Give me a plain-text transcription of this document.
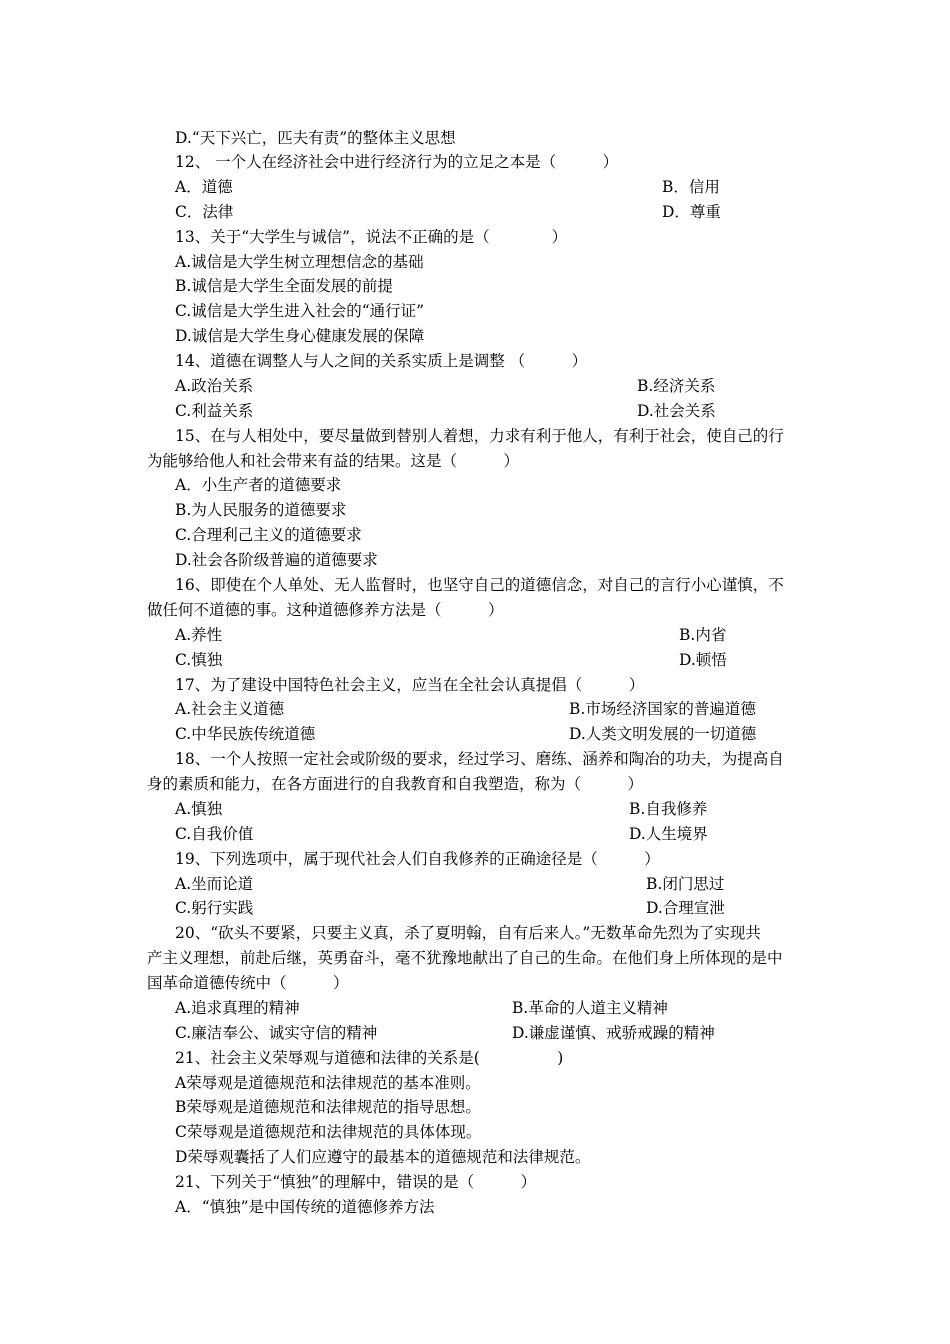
D.“天下兴亡，匹夫有责”的整体主义思想
12、 一个人在经济社会中进行经济行为的立足之本是（　　　）
A．道德	B．信用
C．法律	D．尊重
13、关于“大学生与诚信”，说法不正确的是（　　　　）
A.诚信是大学生树立理想信念的基础
B.诚信是大学生全面发展的前提
C.诚信是大学生进入社会的“通行证”
D.诚信是大学生身心健康发展的保障
14、道德在调整人与人之间的关系实质上是调整 （　　　）
A.政治关系	B.经济关系
C.利益关系	D.社会关系
15、在与人相处中，要尽量做到替别人着想，力求有利于他人，有利于社会，使自己的行
为能够给他人和社会带来有益的结果。这是（　　　）
A．小生产者的道德要求
B.为人民服务的道德要求
C.合理利己主义的道德要求
D.社会各阶级普遍的道德要求
16、即使在个人单处、无人监督时，也坚守自己的道德信念，对自己的言行小心谨慎，不
做任何不道德的事。这种道德修养方法是（　　　）
A.养性	B.内省
C.慎独	D.顿悟
17、为了建设中国特色社会主义，应当在全社会认真提倡（　　　）
A.社会主义道德	B.市场经济国家的普遍道德
C.中华民族传统道德	D.人类文明发展的一切道德
18、一个人按照一定社会或阶级的要求，经过学习、磨练、涵养和陶冶的功夫，为提高自
身的素质和能力，在各方面进行的自我教育和自我塑造，称为（　　　）
A.慎独	B.自我修养
C.自我价值	D.人生境界
19、下列选项中，属于现代社会人们自我修养的正确途径是（　　　）
A.坐而论道	B.闭门思过
C.躬行实践	D.合理宣泄
20、“砍头不要紧，只要主义真，杀了夏明翰，自有后来人。”无数革命先烈为了实现共
产主义理想，前赴后继，英勇奋斗，毫不犹豫地献出了自己的生命。在他们身上所体现的是中
国革命道德传统中（　　　）
A.追求真理的精神	B.革命的人道主义精神
C.廉洁奉公、诚实守信的精神	D.谦虚谨慎、戒骄戒躁的精神
21、社会主义荣辱观与道德和法律的关系是(　　　　　)
A荣辱观是道德规范和法律规范的基本准则。
B荣辱观是道德规范和法律规范的指导思想。
C荣辱观是道德规范和法律规范的具体体现。
D荣辱观囊括了人们应遵守的最基本的道德规范和法律规范。
21、下列关于“慎独”的理解中，错误的是（　　　）
A．“慎独”是中国传统的道德修养方法
